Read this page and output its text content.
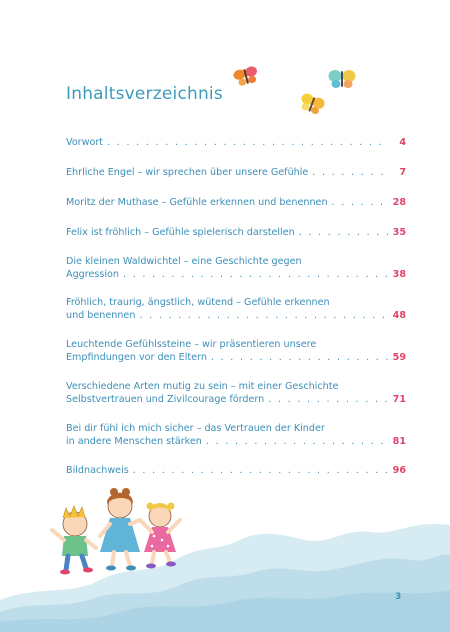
Inhaltsverzeichnis
Vorwort . . .	4
Ehrliche Engel – wir sprechen über unsere Gefühle . . .	7
Moritz der Muthase – Gefühle erkennen und benennen . . .	28
Felix ist fröhlich – Gefühle spielerisch darstellen . . .	35
Die kleinen Waldwichtel – eine Geschichte gegen
Aggression . . .	38
Fröhlich, traurig, ängstlich, wütend – Gefühle erkennen
und benennen . . .	48
Leuchtende Gefühlssteine – wir präsentieren unsere
Empfindungen vor den Eltern . . .	59
Verschiedene Arten mutig zu sein – mit einer Geschichte
Selbstvertrauen und Zivilcourage fördern . . .	71
Bei dir fühl ich mich sicher – das Vertrauen der Kinder
in andere Menschen stärken . . .	81
Bildnachweis . . .	96
3
